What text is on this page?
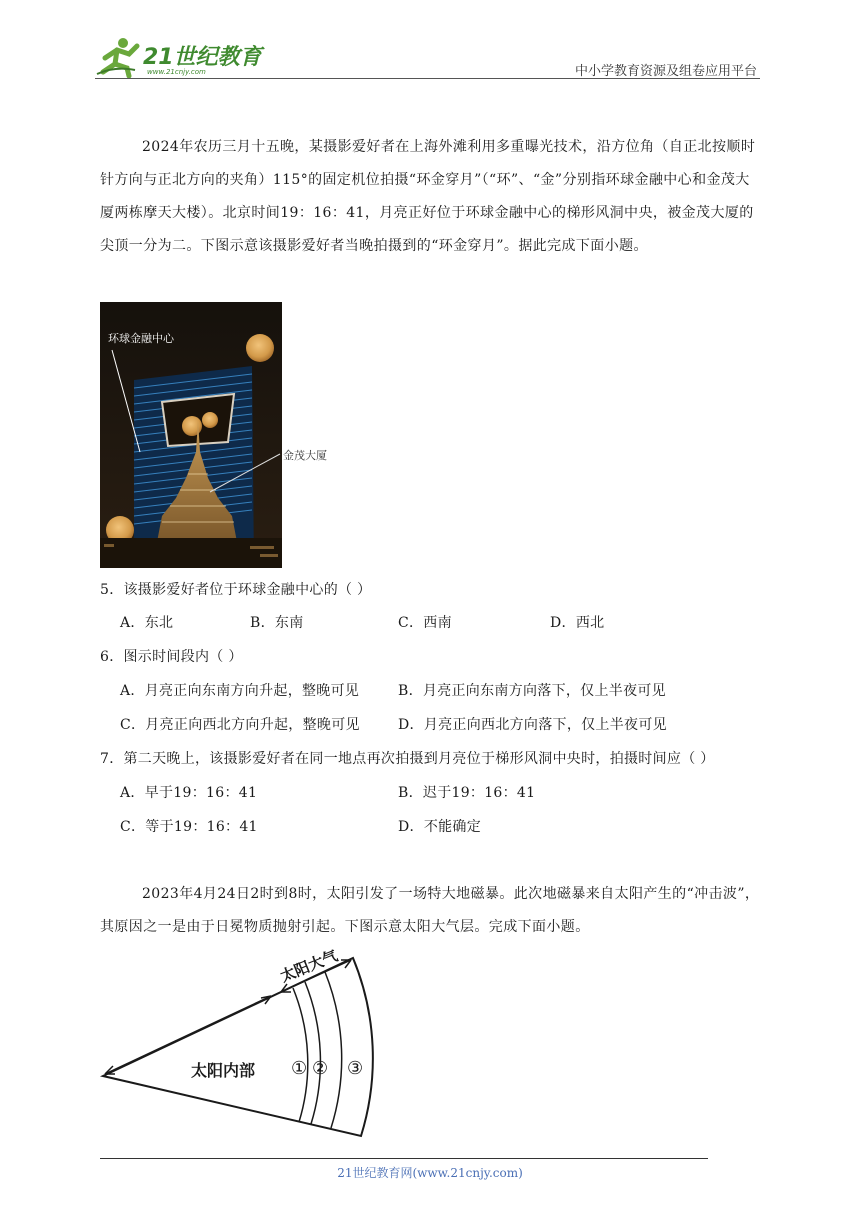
21世纪教育
www.21cnjy.com	中小学教育资源及组卷应用平台
2024年农历三月十五晚，某摄影爱好者在上海外滩利用多重曝光技术，沿方位角（自正北按顺时针方向与正北方向的夹角）115°的固定机位拍摄“环金穿月”（“环”、“金”分别指环球金融中心和金茂大厦两栋摩天大楼）。北京时间19：16：41，月亮正好位于环球金融中心的梯形风洞中央，被金茂大厦的尖顶一分为二。下图示意该摄影爱好者当晚拍摄到的“环金穿月”。据此完成下面小题。
环球金融中心
金茂大厦
5．该摄影爱好者位于环球金融中心的（ ）
A．东北	B．东南	C．西南	D．西北
6．图示时间段内（ ）
A．月亮正向东南方向升起，整晚可见	B．月亮正向东南方向落下，仅上半夜可见
C．月亮正向西北方向升起，整晚可见	D．月亮正向西北方向落下，仅上半夜可见
7．第二天晚上，该摄影爱好者在同一地点再次拍摄到月亮位于梯形风洞中央时，拍摄时间应（ ）
A．早于19：16：41	B．迟于19：16：41
C．等于19：16：41	D．不能确定
2023年4月24日2时到8时，太阳引发了一场特大地磁暴。此次地磁暴来自太阳产生的“冲击波”，其原因之一是由于日冕物质抛射引起。下图示意太阳大气层。完成下面小题。
太阳大气
太阳内部 ① ② ③
21世纪教育网(www.21cnjy.com)
